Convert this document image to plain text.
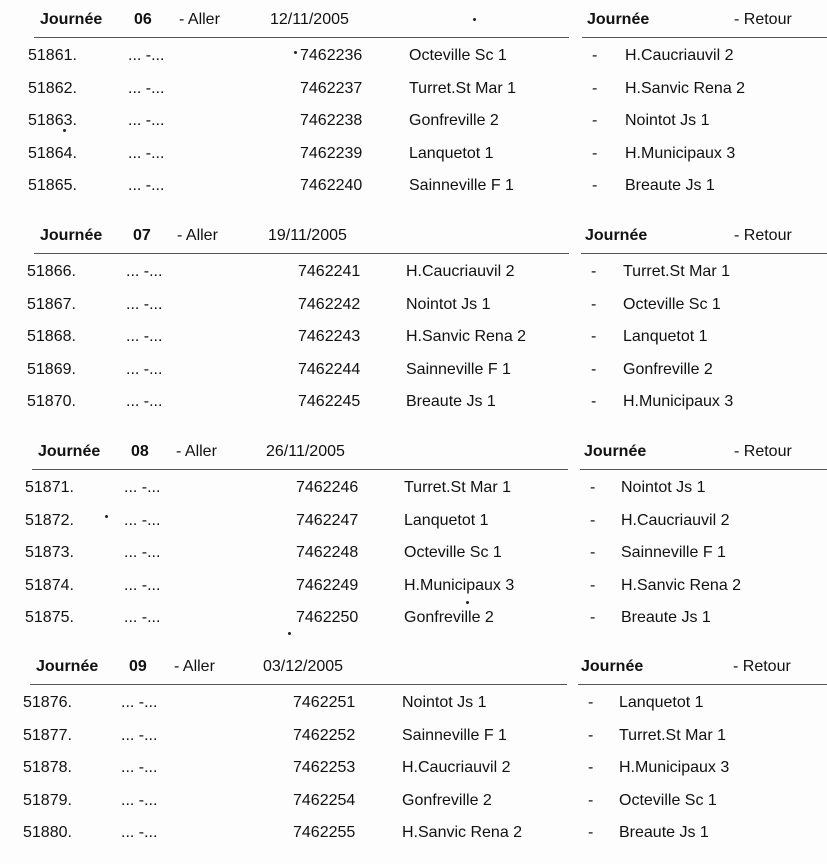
Journée 06 - Aller	12/11/2005	Journée	- Retour
51861.	... -...	7462236	Octeville Sc 1	- H.Caucriauvil 2
51862.	... -...	7462237	Turret.St Mar 1	- H.Sanvic Rena 2
51863.	... -...	7462238	Gonfreville 2	- Nointot Js 1
51864.	... -...	7462239	Lanquetot 1	- H.Municipaux 3
51865.	... -...	7462240	Sainneville F 1	- Breaute Js 1
Journée 07 - Aller	19/11/2005	Journée	- Retour
51866.	... -...	7462241	H.Caucriauvil 2	- Turret.St Mar 1
51867.	... -...	7462242	Nointot Js 1	- Octeville Sc 1
51868.	... -...	7462243	H.Sanvic Rena 2	- Lanquetot 1
51869.	... -...	7462244	Sainneville F 1	- Gonfreville 2
51870.	... -...	7462245	Breaute Js 1	- H.Municipaux 3
Journée 08 - Aller	26/11/2005	Journée	- Retour
51871.	... -...	7462246	Turret.St Mar 1	- Nointot Js 1
51872.	... -...	7462247	Lanquetot 1	- H.Caucriauvil 2
51873.	... -...	7462248	Octeville Sc 1	- Sainneville F 1
51874.	... -...	7462249	H.Municipaux 3	- H.Sanvic Rena 2
51875.	... -...	7462250	Gonfreville 2	- Breaute Js 1
Journée 09 - Aller	03/12/2005	Journée	- Retour
51876.	... -...	7462251	Nointot Js 1	- Lanquetot 1
51877.	... -...	7462252	Sainneville F 1	- Turret.St Mar 1
51878.	... -...	7462253	H.Caucriauvil 2	- H.Municipaux 3
51879.	... -...	7462254	Gonfreville 2	- Octeville Sc 1
51880.	... -...	7462255	H.Sanvic Rena 2	- Breaute Js 1
